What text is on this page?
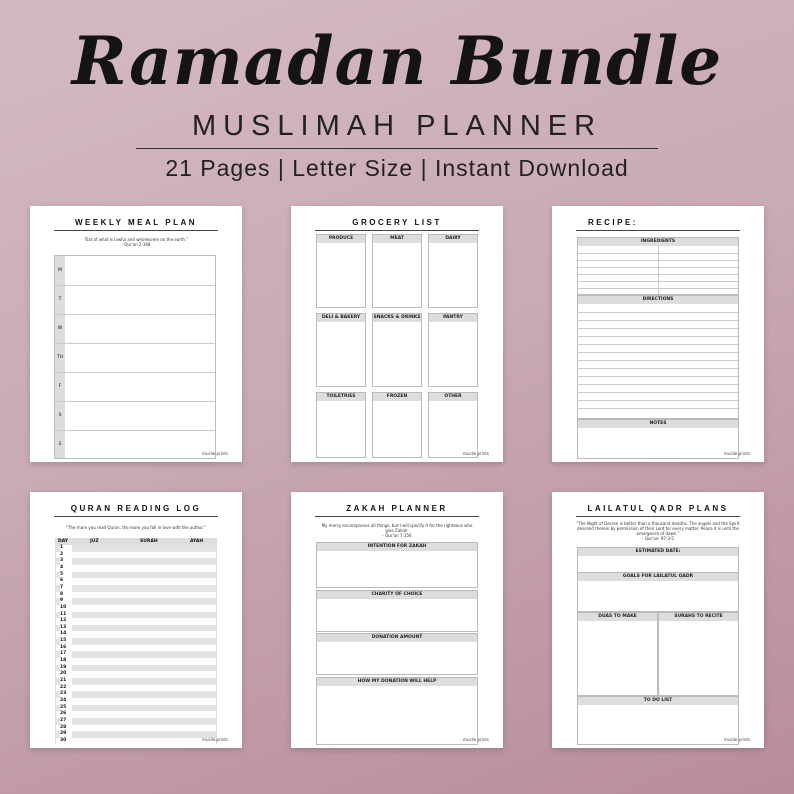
Ramadan Bundle
MUSLIMAH PLANNER
21 Pages | Letter Size | Instant Download
WEEKLY MEAL PLAN
"Eat of what is lawful and wholesome on the earth."
- Qur'an 2:168
M
T
W
TH
F
S
S
muslie.prints
GROCERY LIST
PRODUCE	MEAT	DAIRY
DELI & BAKERY	SNACKS & DRINKS	PANTRY
TOILETRIES	FROZEN	OTHER
muslie.prints
RECIPE:
INGREDIENTS
DIRECTIONS
NOTES
muslie.prints
QURAN READING LOG
"The more you read Quran, the more you fall in love with the author."
DAY	JUZ	SURAH	AYAH
1
2
3
4
5
6
7
8
9
10
11
12
13
14
15
16
17
18
19
20
21
22
23
24
25
26
27
28
29
30	muslie.prints
ZAKAH PLANNER
My mercy encompasses all things, but I will specify it for the righteous who give Zakah.
- Qur'an 7:156
INTENTION FOR ZAKAH
CHARITY OF CHOICE
DONATION AMOUNT
HOW MY DONATION WILL HELP
muslie.prints
LAILATUL QADR PLANS
"The Night of Decree is better than a thousand months. The angels and the Spirit descend therein by permission of their Lord for every matter. Peace it is until the emergence of dawn."
- Qur'an: 97:3-5
ESTIMATED DATE:
GOALS FOR LAILATUL QADR
DUAS TO MAKE	SURAHS TO RECITE
TO DO LIST
muslie.prints
